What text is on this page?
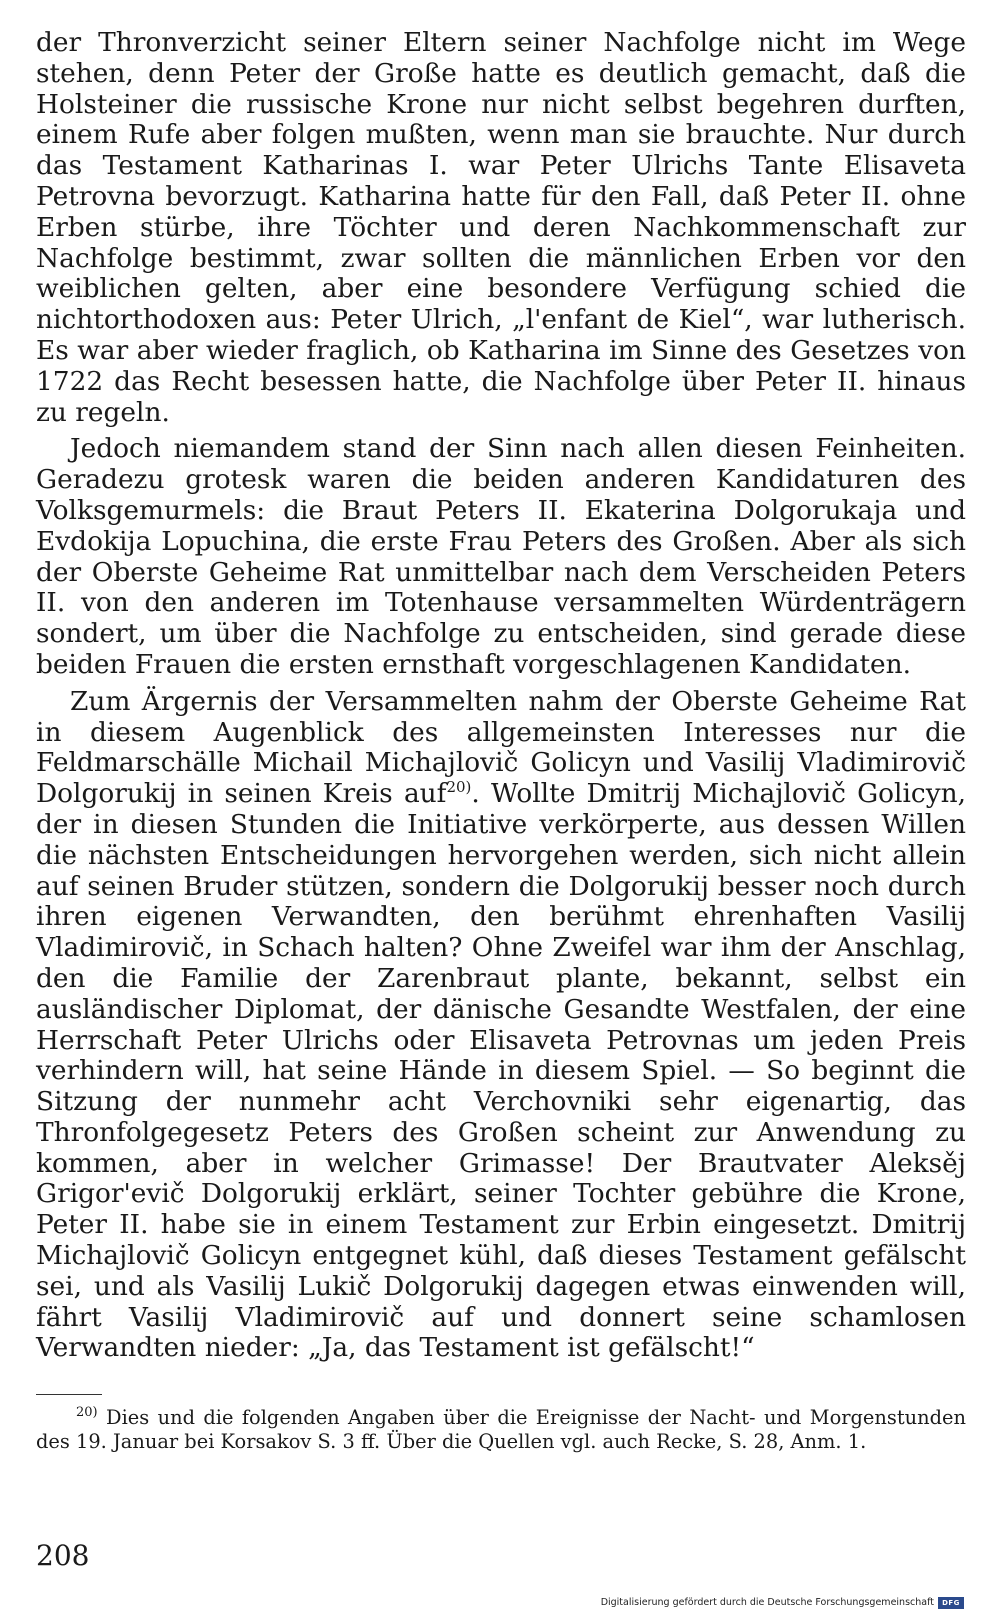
der Thronverzicht seiner Eltern seiner Nachfolge nicht im Wege stehen, denn Peter der Große hatte es deutlich gemacht, daß die Holsteiner die russische Krone nur nicht selbst begehren durften, einem Rufe aber folgen mußten, wenn man sie brauchte. Nur durch das Testament Katharinas I. war Peter Ulrichs Tante Elisaveta Petrovna bevorzugt. Katharina hatte für den Fall, daß Peter II. ohne Erben stürbe, ihre Töchter und deren Nachkommenschaft zur Nachfolge bestimmt, zwar sollten die männlichen Erben vor den weiblichen gelten, aber eine besondere Verfügung schied die nichtorthodoxen aus: Peter Ulrich, „l'enfant de Kiel“, war lutherisch. Es war aber wieder fraglich, ob Katharina im Sinne des Gesetzes von 1722 das Recht besessen hatte, die Nachfolge über Peter II. hinaus zu regeln.

Jedoch niemandem stand der Sinn nach allen diesen Feinheiten. Geradezu grotesk waren die beiden anderen Kandidaturen des Volksgemurmels: die Braut Peters II. Ekaterina Dolgorukaja und Evdokija Lopuchina, die erste Frau Peters des Großen. Aber als sich der Oberste Geheime Rat unmittelbar nach dem Verscheiden Peters II. von den anderen im Totenhause versammelten Würdenträgern sondert, um über die Nachfolge zu entscheiden, sind gerade diese beiden Frauen die ersten ernsthaft vorgeschlagenen Kandidaten.

Zum Ärgernis der Versammelten nahm der Oberste Geheime Rat in diesem Augenblick des allgemeinsten Interesses nur die Feldmarschälle Michail Michajlovič Golicyn und Vasilij Vladimirovič Dolgorukij in seinen Kreis auf$^{20)}$. Wollte Dmitrij Michajlovič Golicyn, der in diesen Stunden die Initiative verkörperte, aus dessen Willen die nächsten Entscheidungen hervorgehen werden, sich nicht allein auf seinen Bruder stützen, sondern die Dolgorukij besser noch durch ihren eigenen Verwandten, den berühmt ehrenhaften Vasilij Vladimirovič, in Schach halten? Ohne Zweifel war ihm der Anschlag, den die Familie der Zarenbraut plante, bekannt, selbst ein ausländischer Diplomat, der dänische Gesandte Westfalen, der eine Herrschaft Peter Ulrichs oder Elisaveta Petrovnas um jeden Preis verhindern will, hat seine Hände in diesem Spiel. — So beginnt die Sitzung der nunmehr acht Verchovniki sehr eigenartig, das Thronfolgegesetz Peters des Großen scheint zur Anwendung zu kommen, aber in welcher Grimasse! Der Brautvater Aleksěj Grigor'evič Dolgorukij erklärt, seiner Tochter gebühre die Krone, Peter II. habe sie in einem Testament zur Erbin eingesetzt. Dmitrij Michajlovič Golicyn entgegnet kühl, daß dieses Testament gefälscht sei, und als Vasilij Lukič Dolgorukij dagegen etwas einwenden will, fährt Vasilij Vladimirovič auf und donnert seine schamlosen Verwandten nieder: „Ja, das Testament ist gefälscht!“

$^{20)}$ Dies und die folgenden Angaben über die Ereignisse der Nacht- und Morgenstunden des 19. Januar bei Korsakov S. 3 ff. Über die Quellen vgl. auch Recke, S. 28, Anm. 1.

208
Digitalisierung gefördert durch die Deutsche Forschungsgemeinschaft	DFG
